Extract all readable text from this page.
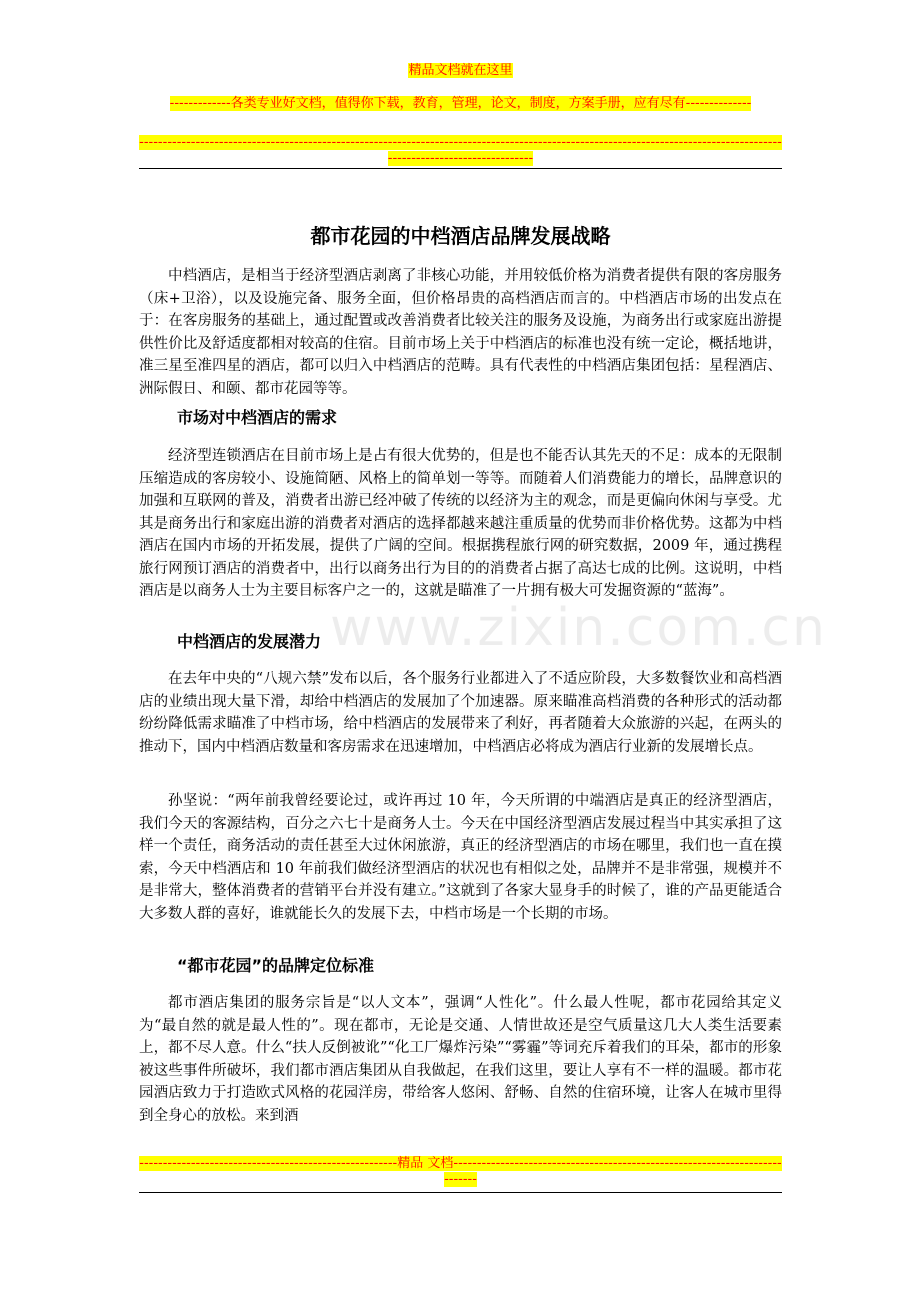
精品文档就在这里
-------------各类专业好文档，值得你下载，教育，管理，论文，制度，方案手册，应有尽有--------------
------------------------------------------------------------------------------------------------------------------------------------------------------------------------
www.zixin.com.cn
都市花园的中档酒店品牌发展战略

中档酒店，是相当于经济型酒店剥离了非核心功能，并用较低价格为消费者提供有限的客房服务（床+卫浴），以及设施完备、服务全面，但价格昂贵的高档酒店而言的。中档酒店市场的出发点在于：在客房服务的基础上，通过配置或改善消费者比较关注的服务及设施，为商务出行或家庭出游提供性价比及舒适度都相对较高的住宿。目前市场上关于中档酒店的标准也没有统一定论，概括地讲，准三星至准四星的酒店，都可以归入中档酒店的范畴。具有代表性的中档酒店集团包括：星程酒店、洲际假日、和颐、都市花园等等。

市场对中档酒店的需求

经济型连锁酒店在目前市场上是占有很大优势的，但是也不能否认其先天的不足：成本的无限制压缩造成的客房较小、设施简陋、风格上的简单划一等等。而随着人们消费能力的增长，品牌意识的加强和互联网的普及，消费者出游已经冲破了传统的以经济为主的观念，而是更偏向休闲与享受。尤其是商务出行和家庭出游的消费者对酒店的选择都越来越注重质量的优势而非价格优势。这都为中档酒店在国内市场的开拓发展，提供了广阔的空间。根据携程旅行网的研究数据，2009 年，通过携程旅行网预订酒店的消费者中，出行以商务出行为目的的消费者占据了高达七成的比例。这说明，中档酒店是以商务人士为主要目标客户之一的，这就是瞄准了一片拥有极大可发掘资源的“蓝海”。

中档酒店的发展潜力

在去年中央的“八规六禁”发布以后，各个服务行业都进入了不适应阶段，大多数餐饮业和高档酒店的业绩出现大量下滑，却给中档酒店的发展加了个加速器。原来瞄准高档消费的各种形式的活动都纷纷降低需求瞄准了中档市场，给中档酒店的发展带来了利好，再者随着大众旅游的兴起，在两头的推动下，国内中档酒店数量和客房需求在迅速增加，中档酒店必将成为酒店行业新的发展增长点。

孙坚说：“两年前我曾经要论过，或许再过 10 年，今天所谓的中端酒店是真正的经济型酒店，我们今天的客源结构，百分之六七十是商务人士。今天在中国经济型酒店发展过程当中其实承担了这样一个责任，商务活动的责任甚至大过休闲旅游，真正的经济型酒店的市场在哪里，我们也一直在摸索，今天中档酒店和 10 年前我们做经济型酒店的状况也有相似之处，品牌并不是非常强，规模并不是非常大，整体消费者的营销平台并没有建立。”这就到了各家大显身手的时候了，谁的产品更能适合大多数人群的喜好，谁就能长久的发展下去，中档市场是一个长期的市场。

“都市花园”的品牌定位标准

都市酒店集团的服务宗旨是“以人文本”，强调“人性化”。什么最人性呢，都市花园给其定义为“最自然的就是最人性的”。现在都市，无论是交通、人情世故还是空气质量这几大人类生活要素上，都不尽人意。什么“扶人反倒被讹”“化工厂爆炸污染”“雾霾”等词充斥着我们的耳朵，都市的形象被这些事件所破坏，我们都市酒店集团从自我做起，在我们这里，要让人享有不一样的温暖。都市花园酒店致力于打造欧式风格的花园洋房，带给客人悠闲、舒畅、自然的住宿环境，让客人在城市里得到全身心的放松。来到酒

-------------------------------------------------------精品 文档-----------------------------------------------------------------------------
